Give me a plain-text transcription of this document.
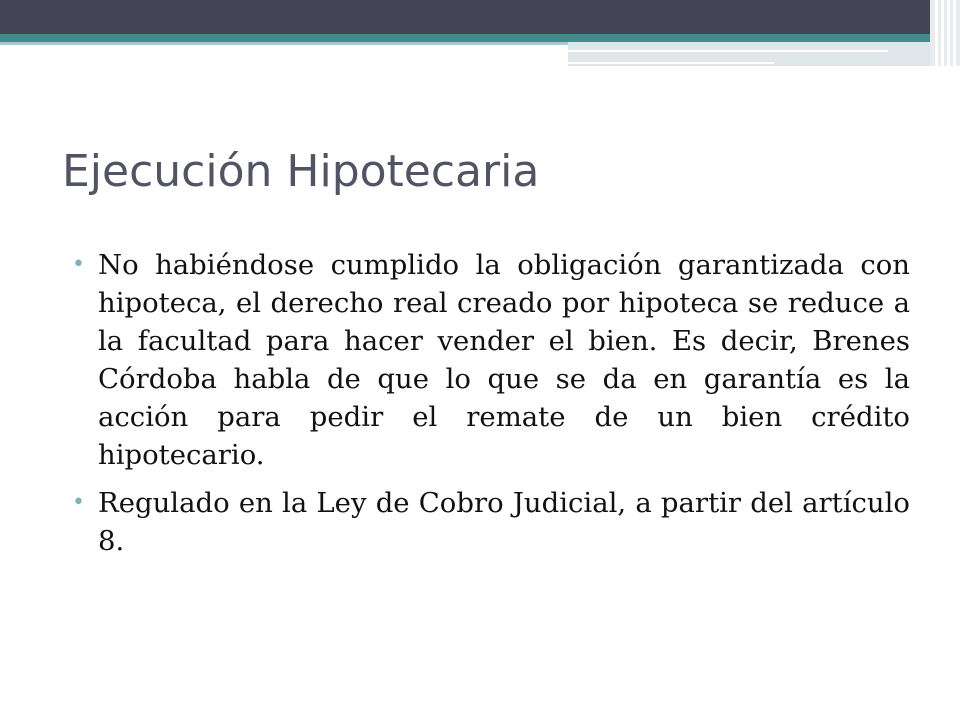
Ejecución Hipotecaria
• No habiéndose cumplido la obligación garantizada con hipoteca, el derecho real creado por hipoteca se reduce a la facultad para hacer vender el bien. Es decir, Brenes Córdoba habla de que lo que se da en garantía es la acción para pedir el remate de un bien crédito hipotecario.
• Regulado en la Ley de Cobro Judicial, a partir del artículo 8.
